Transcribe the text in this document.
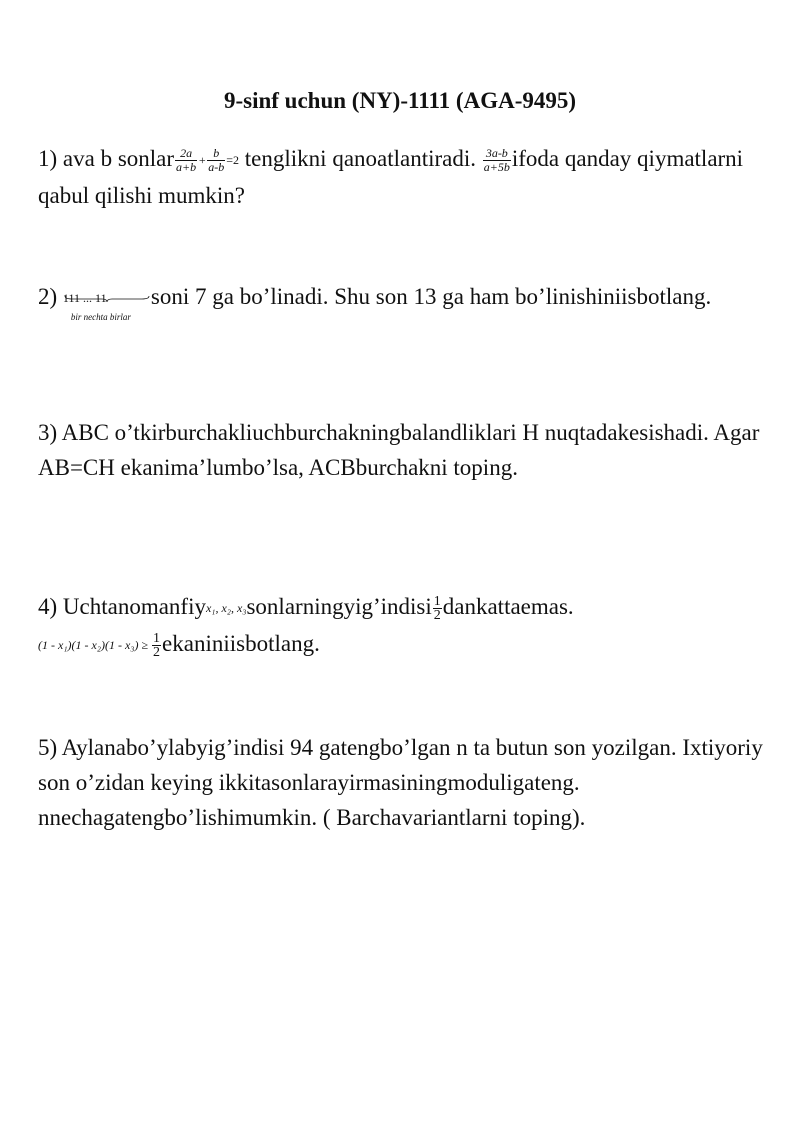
9-sinf uchun (NY)-1111 (AGA-9495)
1) ava b sonlar $\frac{2a}{a+b} + \frac{b}{a-b} =2$ tenglikni qanoatlantiradi. $\frac{3a-b}{a+5b}$ ifoda qanday qiymatlarni qabul qilishi mumkin?
2) 111 ... 11
bir nechta birlar
soni 7 ga bo’linadi. Shu son 13 ga ham bo’linishiniisbotlang.
3) ABC o’tkirburchakliuchburchakningbalandliklari H nuqtadakesishadi. Agar AB=CH ekanima’lumbo’lsa, ACBburchakni toping.
4) Uchtanomanfiyx₁, x₂, x₃sonlarningyig’indisi $\frac{1}{2}$ dankattaemas.
$(1 - x_1)(1 - x_2)(1 - x_3) \ge \frac{1}{2}$ ekaniniisbotlang.
5) Aylanabo’ylabyig’indisi 94 gatengbo’lgan n ta butun son yozilgan. Ixtiyoriy son o’zidan keying ikkitasonlarayirmasiningmoduligateng. nnechagatengbo’lishimumkin. ( Barchavariantlarni toping).
